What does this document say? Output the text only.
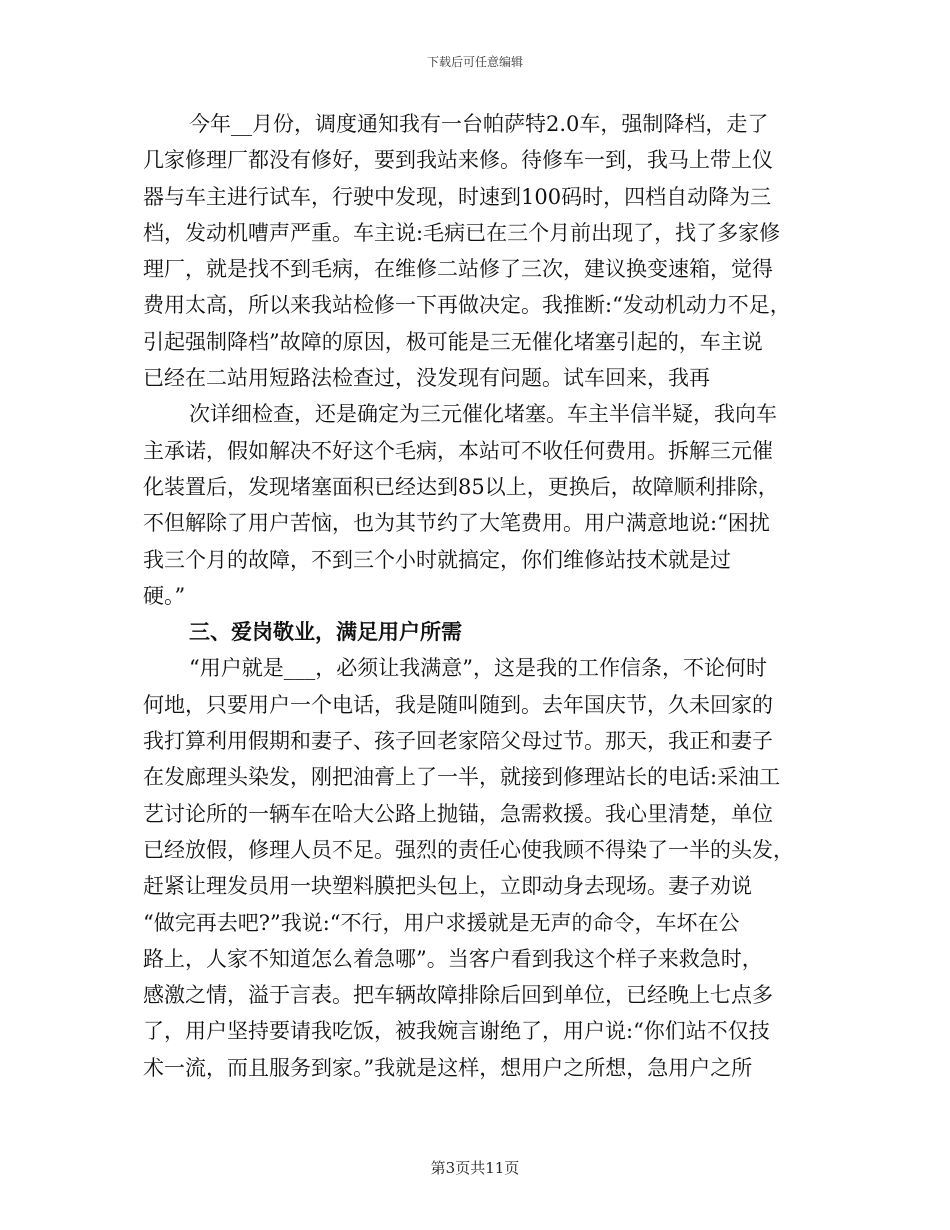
下载后可任意编辑
今年__月份，调度通知我有一台帕萨特2.0车，强制降档，走了
几家修理厂都没有修好，要到我站来修。待修车一到，我马上带上仪
器与车主进行试车，行驶中发现，时速到100码时，四档自动降为三
档，发动机嘈声严重。车主说:毛病已在三个月前出现了，找了多家修
理厂，就是找不到毛病，在维修二站修了三次，建议换变速箱，觉得
费用太高，所以来我站检修一下再做决定。我推断:“发动机动力不足，
引起强制降档”故障的原因，极可能是三无催化堵塞引起的，车主说
已经在二站用短路法检查过，没发现有问题。试车回来，我再
次详细检查，还是确定为三元催化堵塞。车主半信半疑，我向车
主承诺，假如解决不好这个毛病，本站可不收任何费用。拆解三元催
化装置后，发现堵塞面积已经达到85以上，更换后，故障顺利排除，
不但解除了用户苦恼，也为其节约了大笔费用。用户满意地说:“困扰
我三个月的故障，不到三个小时就搞定，你们维修站技术就是过
硬。”
三、爱岗敬业，满足用户所需
“用户就是___，必须让我满意”，这是我的工作信条，不论何时
何地，只要用户一个电话，我是随叫随到。去年国庆节，久未回家的
我打算利用假期和妻子、孩子回老家陪父母过节。那天，我正和妻子
在发廊理头染发，刚把油膏上了一半，就接到修理站长的电话:采油工
艺讨论所的一辆车在哈大公路上抛锚，急需救援。我心里清楚，单位
已经放假，修理人员不足。强烈的责任心使我顾不得染了一半的头发，
赶紧让理发员用一块塑料膜把头包上，立即动身去现场。妻子劝说
“做完再去吧?”我说:“不行，用户求援就是无声的命令，车坏在公
路上，人家不知道怎么着急哪”。当客户看到我这个样子来救急时，
感激之情，溢于言表。把车辆故障排除后回到单位，已经晚上七点多
了，用户坚持要请我吃饭，被我婉言谢绝了，用户说:“你们站不仅技
术一流，而且服务到家。”我就是这样，想用户之所想，急用户之所
第3页共11页
